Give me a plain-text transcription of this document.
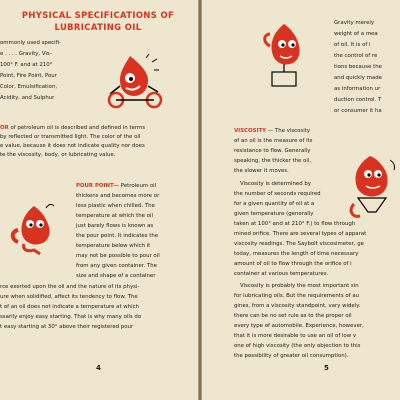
PHYSICAL SPECIFICATIONS OF
LUBRICATING OIL
ommonly used specifi-
e . . . . Gravity, Vis-
100° F. and at 210°
Point, Fire Point, Pour
Color, Emulsification,
Acidity, and Sulphur
OR of petroleum oil is described and defined in terms
by reflected or transmitted light. The color of the oil
e value, because it does not indicate quality nor does
te the viscosity, body, or lubricating value.
POUR POINT— Petroleum oil
thickens and becomes more or
less plastic when chilled. The
temperature at which the oil
just barely flows is known as
the pour point. It indicates the
temperature below which it
may not be possible to pour oil
from any given container. The
size and shape of a container
rce exerted upon the oil and the nature of its physi-
ure when solidified, affect its tendency to flow. The
t of an oil does not indicate a temperature at which
ssarily enjoy easy starting. That is why many oils do
t easy starting at 30° above their registered pour
4
Gravity merely
weight of a mea
of oil. It is of i
the control of re
tions because the
and quickly made
as information ur
duction control. T
or consumer it ha
VISCOSITY — The viscosity
of an oil is the measure of its
resistance to flow. Generally
speaking, the thicker the oil,
the slower it moves.
Viscosity is determined by
the number of seconds required
for a given quantity of oil at a
given temperature (generally
taken at 100° and at 210° F.) to flow through
mined orifice. There are several types of apparat
viscosity readings. The Saybolt viscosimeter, ge
today, measures the length of time necessary
amount of oil to flow through the orifice of i
container at various temperatures.
Viscosity is probably the most important sin
for lubricating oils. But the requirements of au
gines, from a viscosity standpoint, vary widely.
there can be no set rule as to the proper oil
every type of automobile. Experience, however,
that it is more desirable to use an oil of low v
one of high viscosity (the only objection to this
the possibility of greater oil consumption).
5
